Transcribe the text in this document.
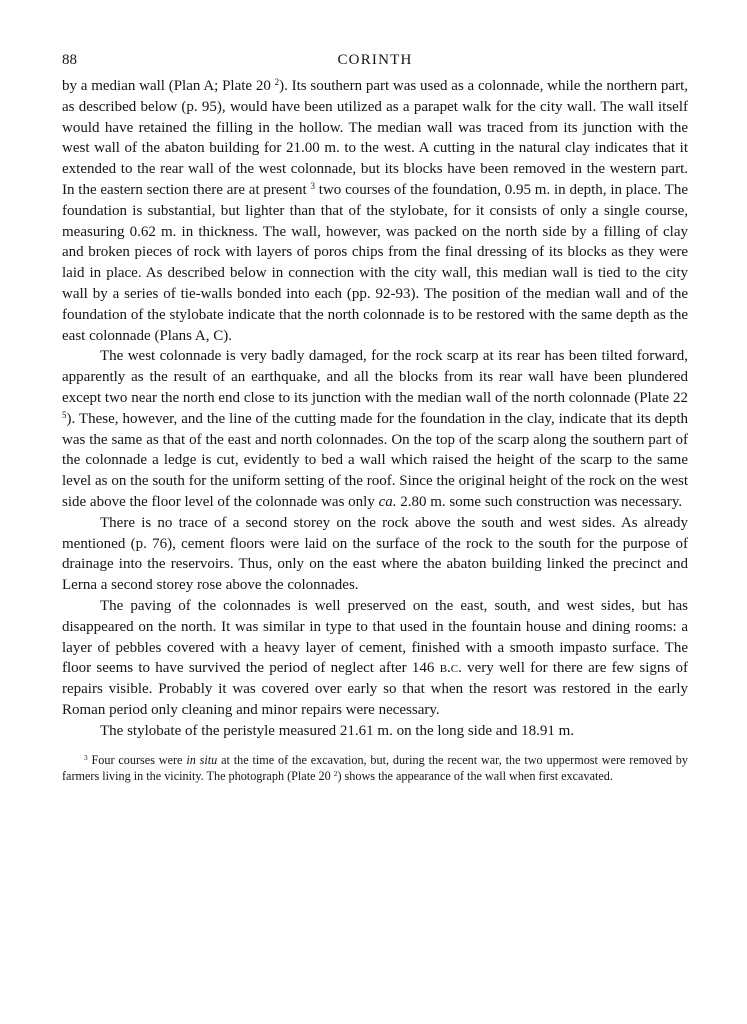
88	CORINTH

by a median wall (Plan A; Plate 20 $^2$). Its southern part was used as a colonnade, while the northern part, as described below (p. 95), would have been utilized as a parapet walk for the city wall. The wall itself would have retained the filling in the hollow. The median wall was traced from its junction with the west wall of the abaton building for 21.00 m. to the west. A cutting in the natural clay indicates that it extended to the rear wall of the west colonnade, but its blocks have been removed in the western part. In the eastern section there are at present $^3$ two courses of the foundation, 0.95 m. in depth, in place. The foundation is substantial, but lighter than that of the stylobate, for it consists of only a single course, measuring 0.62 m. in thickness. The wall, however, was packed on the north side by a filling of clay and broken pieces of rock with layers of poros chips from the final dressing of its blocks as they were laid in place. As described below in connection with the city wall, this median wall is tied to the city wall by a series of tie-walls bonded into each (pp. 92-93). The position of the median wall and of the foundation of the stylobate indicate that the north colonnade is to be restored with the same depth as the east colonnade (Plans A, C).

The west colonnade is very badly damaged, for the rock scarp at its rear has been tilted forward, apparently as the result of an earthquake, and all the blocks from its rear wall have been plundered except two near the north end close to its junction with the median wall of the north colonnade (Plate 22 $^5$). These, however, and the line of the cutting made for the foundation in the clay, indicate that its depth was the same as that of the east and north colonnades. On the top of the scarp along the southern part of the colonnade a ledge is cut, evidently to bed a wall which raised the height of the scarp to the same level as on the south for the uniform setting of the roof. Since the original height of the rock on the west side above the floor level of the colonnade was only ca. 2.80 m. some such construction was necessary.

There is no trace of a second storey on the rock above the south and west sides. As already mentioned (p. 76), cement floors were laid on the surface of the rock to the south for the purpose of drainage into the reservoirs. Thus, only on the east where the abaton building linked the precinct and Lerna a second storey rose above the colonnades.

The paving of the colonnades is well preserved on the east, south, and west sides, but has disappeared on the north. It was similar in type to that used in the fountain house and dining rooms: a layer of pebbles covered with a heavy layer of cement, finished with a smooth impasto surface. The floor seems to have survived the period of neglect after 146 b.c. very well for there are few signs of repairs visible. Probably it was covered over early so that when the resort was restored in the early Roman period only cleaning and minor repairs were necessary.

The stylobate of the peristyle measured 21.61 m. on the long side and 18.91 m.

$^3$ Four courses were in situ at the time of the excavation, but, during the recent war, the two uppermost were removed by farmers living in the vicinity. The photograph (Plate 20 $^2$) shows the appearance of the wall when first excavated.
